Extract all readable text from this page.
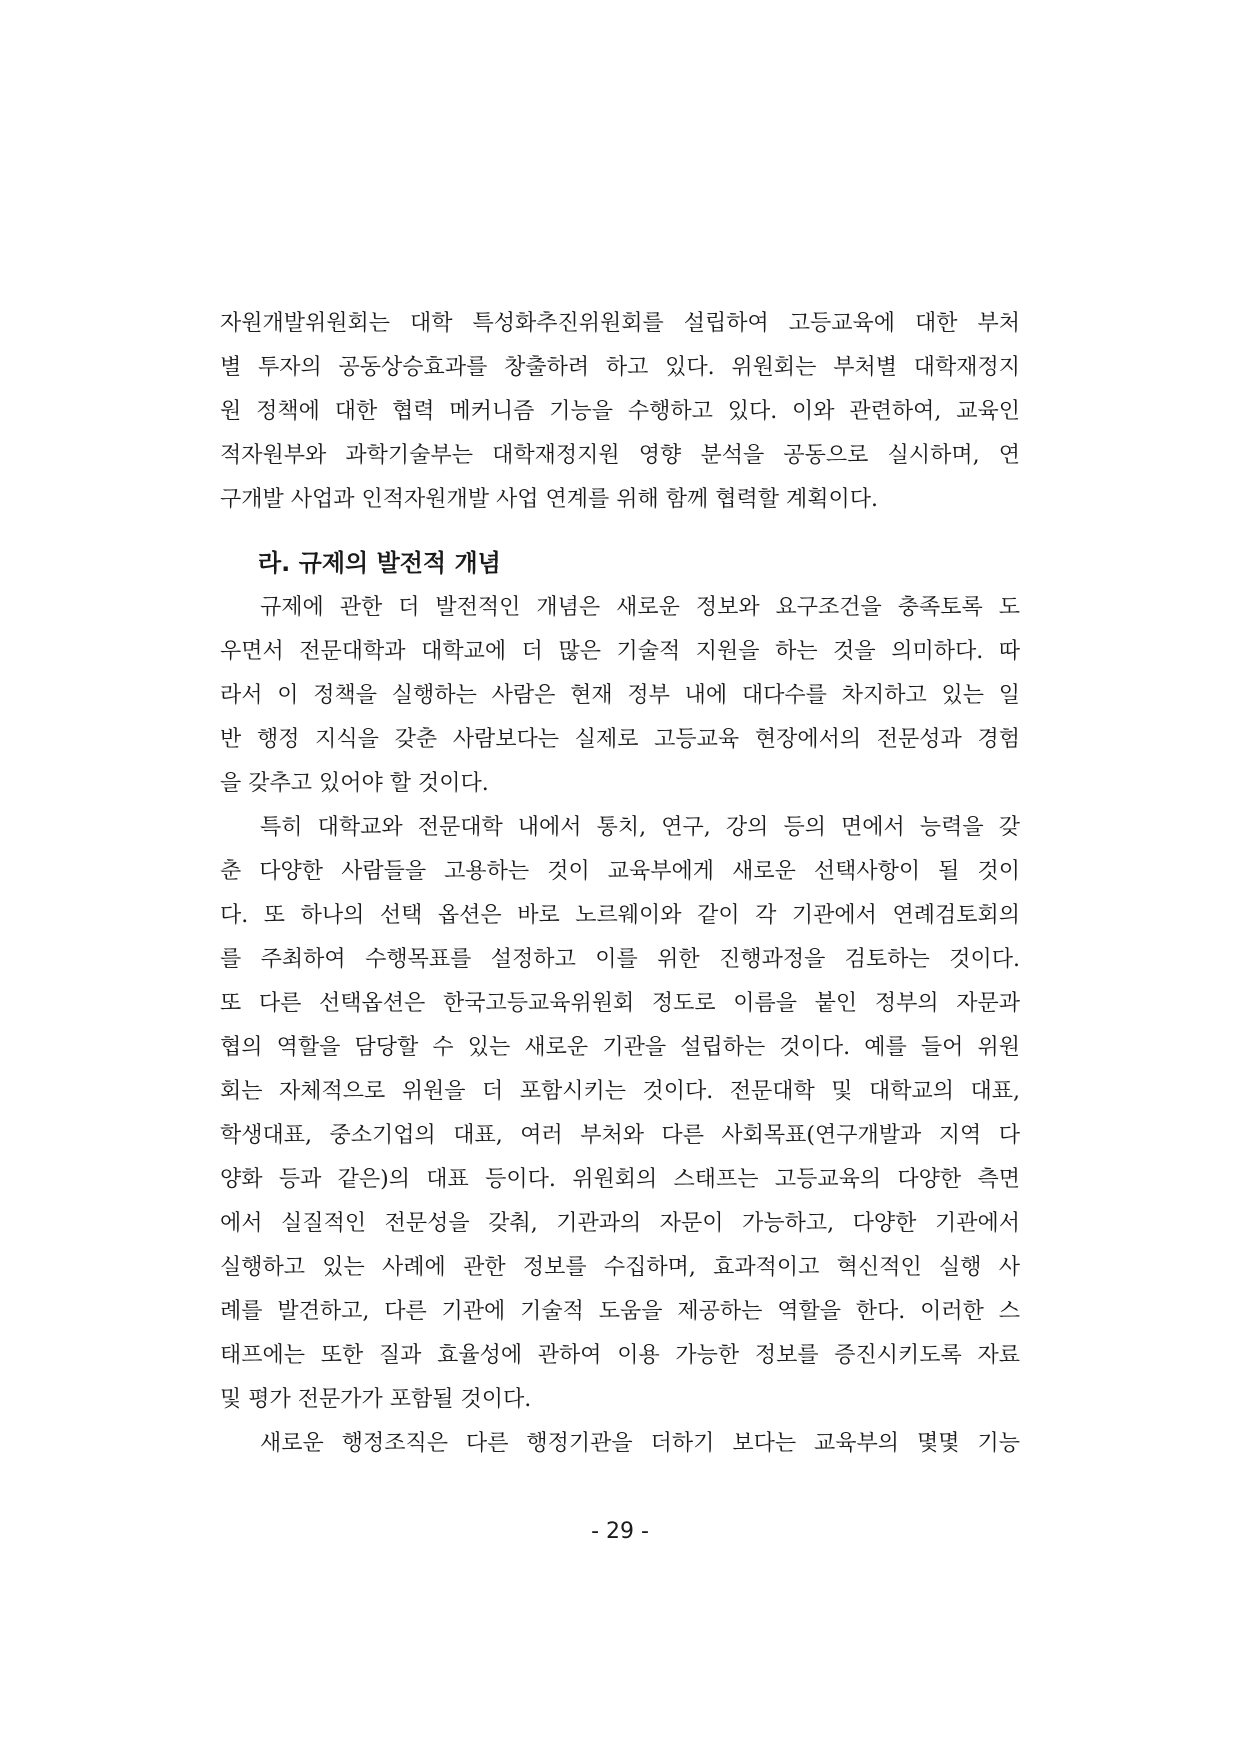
자원개발위원회는 대학 특성화추진위원회를 설립하여 고등교육에 대한 부처
별 투자의 공동상승효과를 창출하려 하고 있다. 위원회는 부처별 대학재정지
원 정책에 대한 협력 메커니즘 기능을 수행하고 있다. 이와 관련하여, 교육인
적자원부와 과학기술부는 대학재정지원 영향 분석을 공동으로 실시하며, 연
구개발 사업과 인적자원개발 사업 연계를 위해 함께 협력할 계획이다.
라. 규제의 발전적 개념
규제에 관한 더 발전적인 개념은 새로운 정보와 요구조건을 충족토록 도
우면서 전문대학과 대학교에 더 많은 기술적 지원을 하는 것을 의미하다. 따
라서 이 정책을 실행하는 사람은 현재 정부 내에 대다수를 차지하고 있는 일
반 행정 지식을 갖춘 사람보다는 실제로 고등교육 현장에서의 전문성과 경험
을 갖추고 있어야 할 것이다.
특히 대학교와 전문대학 내에서 통치, 연구, 강의 등의 면에서 능력을 갖
춘 다양한 사람들을 고용하는 것이 교육부에게 새로운 선택사항이 될 것이
다. 또 하나의 선택 옵션은 바로 노르웨이와 같이 각 기관에서 연례검토회의
를 주최하여 수행목표를 설정하고 이를 위한 진행과정을 검토하는 것이다.
또 다른 선택옵션은 한국고등교육위원회 정도로 이름을 붙인 정부의 자문과
협의 역할을 담당할 수 있는 새로운 기관을 설립하는 것이다. 예를 들어 위원
회는 자체적으로 위원을 더 포함시키는 것이다. 전문대학 및 대학교의 대표,
학생대표, 중소기업의 대표, 여러 부처와 다른 사회목표(연구개발과 지역 다
양화 등과 같은)의 대표 등이다. 위원회의 스태프는 고등교육의 다양한 측면
에서 실질적인 전문성을 갖춰, 기관과의 자문이 가능하고, 다양한 기관에서
실행하고 있는 사례에 관한 정보를 수집하며, 효과적이고 혁신적인 실행 사
례를 발견하고, 다른 기관에 기술적 도움을 제공하는 역할을 한다. 이러한 스
태프에는 또한 질과 효율성에 관하여 이용 가능한 정보를 증진시키도록 자료
및 평가 전문가가 포함될 것이다.
새로운 행정조직은 다른 행정기관을 더하기 보다는 교육부의 몇몇 기능
- 29 -
